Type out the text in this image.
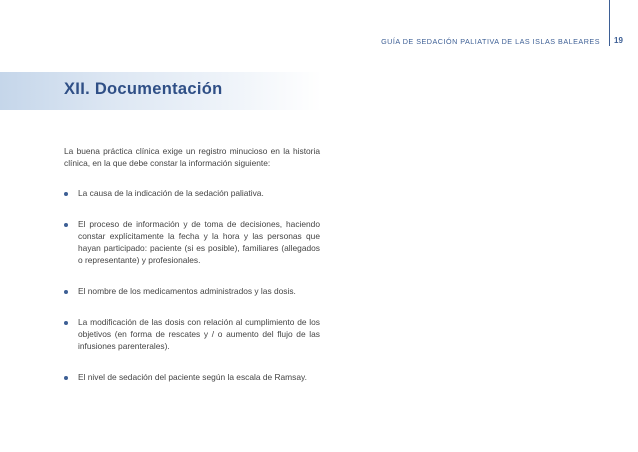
GUÍA DE SEDACIÓN PALIATIVA DE LAS ISLAS BALEARES 19
XII. Documentación

La buena práctica clínica exige un registro minucioso en la historia clínica, en la que debe constar la información siguiente:

La causa de la indicación de la sedación paliativa.
El proceso de información y de toma de decisiones, haciendo constar explícitamente la fecha y la hora y las personas que hayan participado: paciente (si es posible), familiares (allegados o representante) y profesionales.
El nombre de los medicamentos administrados y las dosis.
La modificación de las dosis con relación al cumplimiento de los objetivos (en forma de rescates y / o aumento del flujo de las infusiones parenterales).
El nivel de sedación del paciente según la escala de Ramsay.
